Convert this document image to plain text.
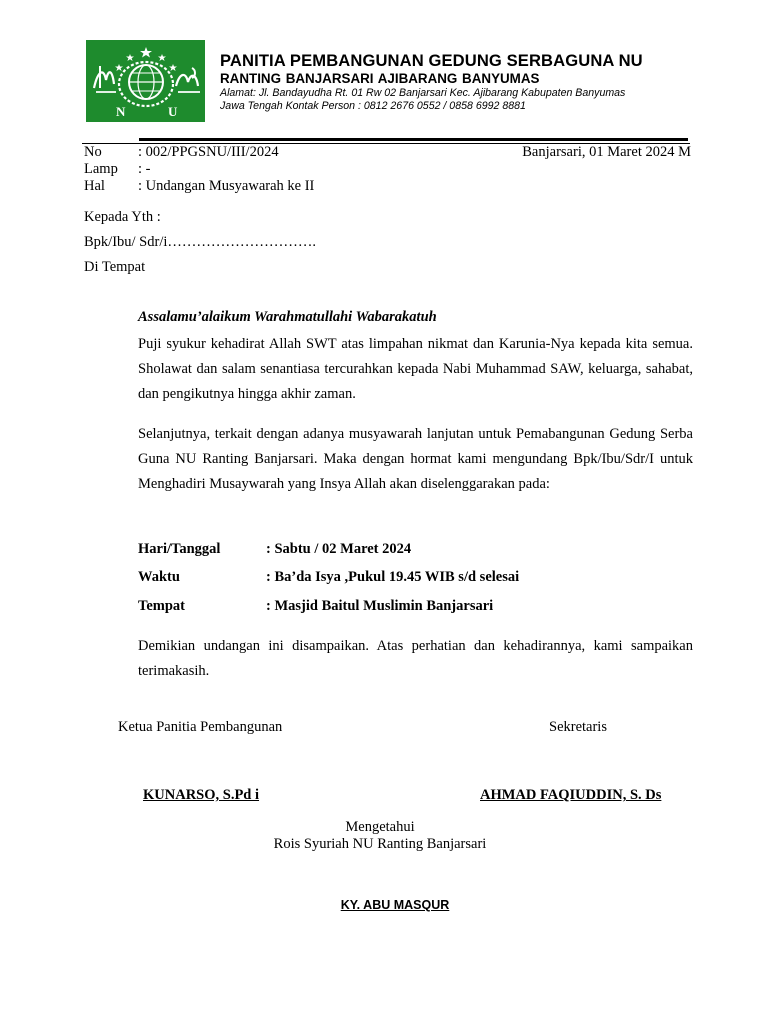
N	U
PANITIA PEMBANGUNAN GEDUNG SERBAGUNA NU
RANTING BANJARSARI AJIBARANG BANYUMAS
Alamat: Jl. Bandayudha Rt. 01 Rw 02 Banjarsari Kec. Ajibarang Kabupaten Banyumas
Jawa Tengah Kontak Person : 0812 2676 0552 / 0858 6992 8881
No	: 002/PPGSNU/III/2024	Banjarsari, 01 Maret 2024 M
Lamp : -
Hal : Undangan Musyawarah ke II
Kepada Yth :
Bpk/Ibu/ Sdr/i………………………….
Di Tempat
Assalamu’alaikum Warahmatullahi Wabarakatuh
Puji syukur kehadirat Allah SWT atas limpahan nikmat dan Karunia-Nya kepada kita semua. Sholawat dan salam senantiasa tercurahkan kepada Nabi Muhammad SAW, keluarga, sahabat, dan pengikutnya hingga akhir zaman.
Selanjutnya, terkait dengan adanya musyawarah lanjutan untuk Pemabangunan Gedung Serba Guna NU Ranting Banjarsari. Maka dengan hormat kami mengundang Bpk/Ibu/Sdr/I untuk Menghadiri Musaywarah yang Insya Allah akan diselenggarakan pada:
Hari/Tanggal	: Sabtu / 02 Maret 2024
Waktu	: Ba’da Isya ,Pukul 19.45 WIB s/d selesai
Tempat	: Masjid Baitul Muslimin Banjarsari
Demikian undangan ini disampaikan. Atas perhatian dan kehadirannya, kami sampaikan terimakasih.
Ketua Panitia Pembangunan	Sekretaris
KUNARSO, S.Pd i	AHMAD FAQIUDDIN, S. Ds
Mengetahui
Rois Syuriah NU Ranting Banjarsari
KY. ABU MASQUR
